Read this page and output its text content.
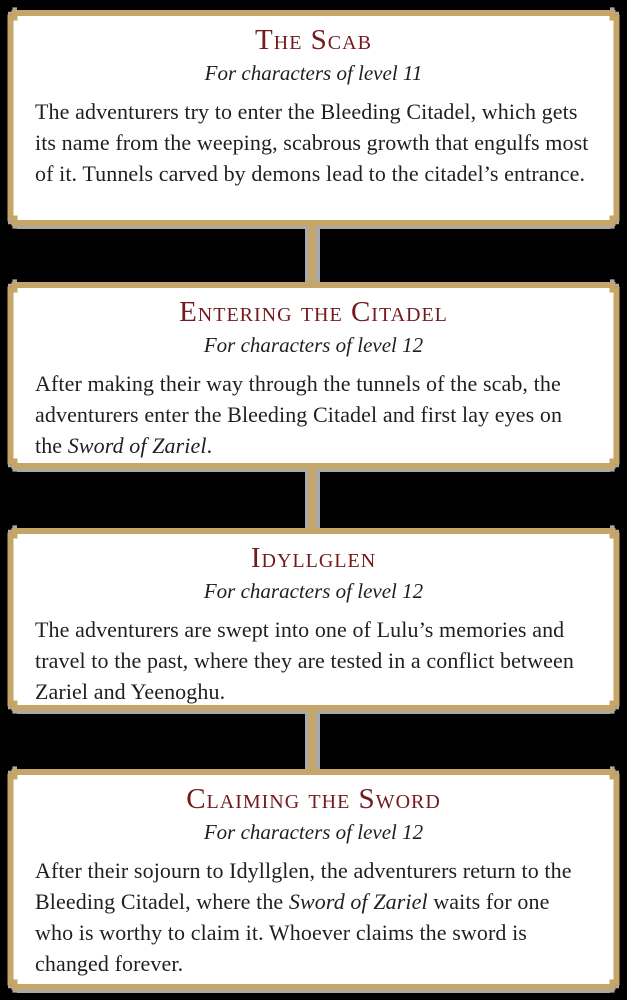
The Scab
For characters of level 11
The adventurers try to enter the Bleeding Citadel, which gets its name from the weeping, scabrous growth that engulfs most of it. Tunnels carved by demons lead to the citadel’s entrance.
Entering the Citadel
For characters of level 12
After making their way through the tunnels of the scab, the adventurers enter the Bleeding Citadel and first lay eyes on the Sword of Zariel.
Idyllglen
For characters of level 12
The adventurers are swept into one of Lulu’s memories and travel to the past, where they are tested in a conflict between Zariel and Yeenoghu.
Claiming the Sword
For characters of level 12
After their sojourn to Idyllglen, the adventurers return to the Bleeding Citadel, where the Sword of Zariel waits for one who is worthy to claim it. Whoever claims the sword is changed forever.
